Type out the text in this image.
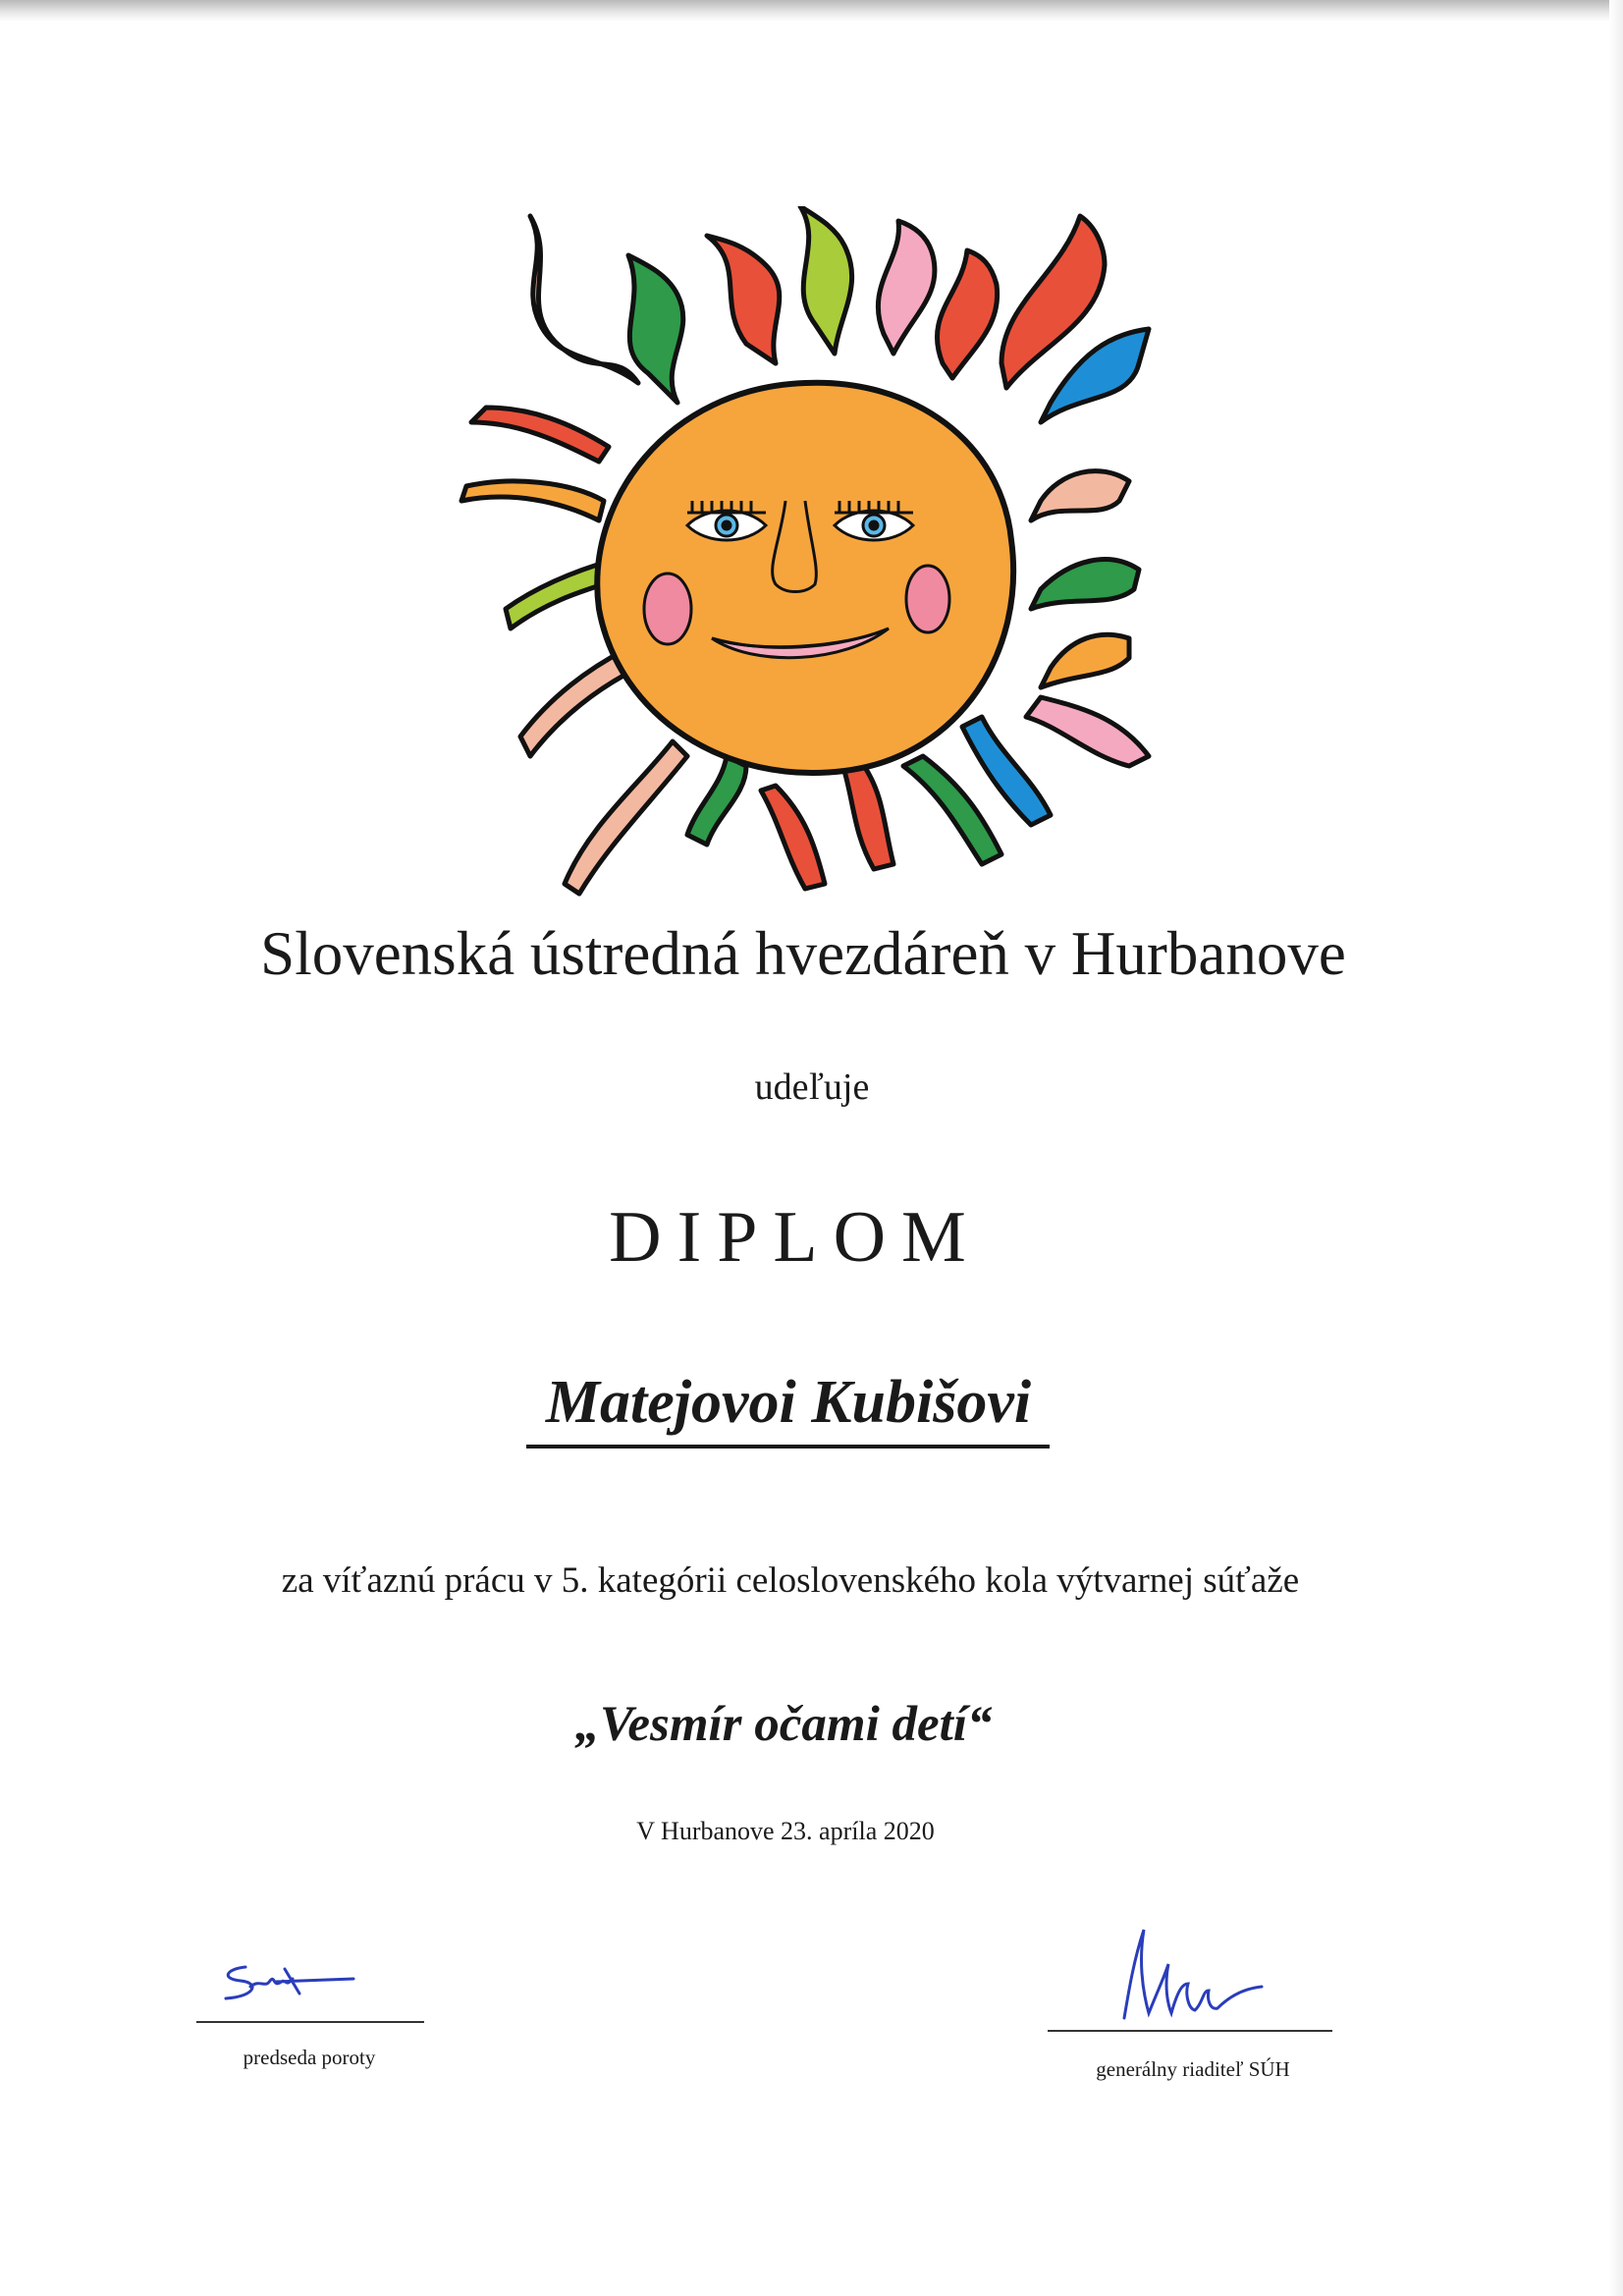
Slovenská ústredná hvezdáreň v Hurbanove
udeľuje
DIPLOM
Matejovoi Kubišovi
za víťaznú prácu v 5. kategórii celoslovenského kola výtvarnej súťaže
„Vesmír očami detí“
V Hurbanove 23. apríla 2020
predseda poroty	generálny riaditeľ SÚH
